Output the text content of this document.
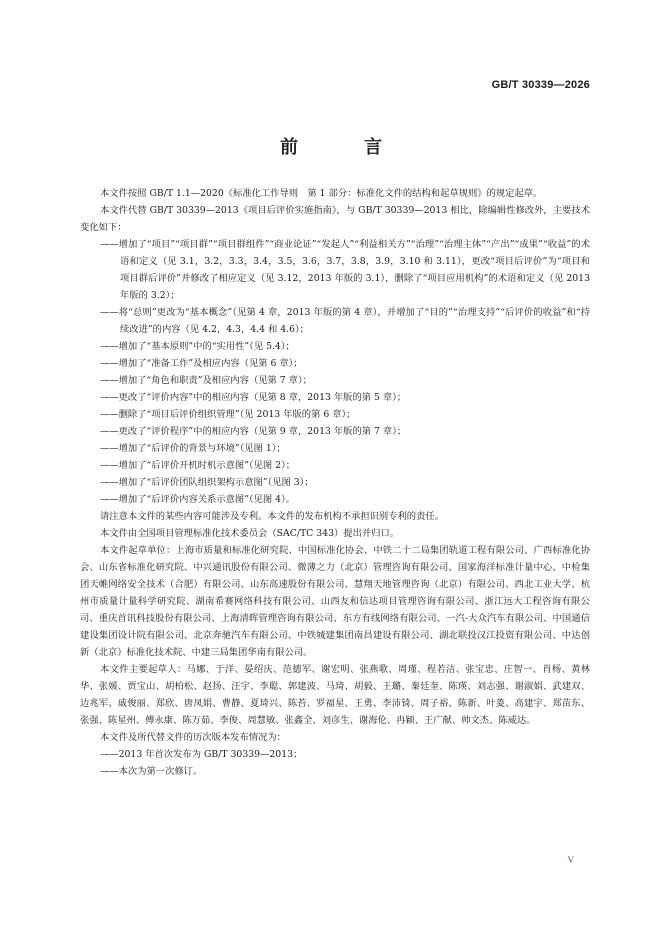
GB/T 30339—2026
前　言

本文件按照 GB/T 1.1—2020《标准化工作导则　第 1 部分：标准化文件的结构和起草规则》的规定起草。

本文件代替 GB/T 30339—2013《项目后评价实施指南》，与 GB/T 30339—2013 相比，除编辑性修改外，主要技术变化如下：

——增加了“项目”“项目群”“项目群组件”“商业论证”“发起人”“利益相关方”“治理”“治理主体”“产出”“成果”“收益”的术语和定义（见 3.1，3.2，3.3，3.4，3.5，3.6，3.7，3.8，3.9，3.10 和 3.11），更改“项目后评价”为“项目和项目群后评价”并修改了相应定义（见 3.12，2013 年版的 3.1），删除了“项目应用机构”的术语和定义（见 2013 年版的 3.2）；

——将“总则”更改为“基本概念”（见第 4 章，2013 年版的第 4 章），并增加了“目的”“治理支持”“后评价的收益”和“持续改进”的内容（见 4.2，4.3，4.4 和 4.6）；

——增加了“基本原则”中的“实用性”（见 5.4）；

——增加了“准备工作”及相应内容（见第 6 章）；

——增加了“角色和职责”及相应内容（见第 7 章）；

——更改了“评价内容”中的相应内容（见第 8 章，2013 年版的第 5 章）；

——删除了“项目后评价组织管理”（见 2013 年版的第 6 章）；

——更改了“评价程序”中的相应内容（见第 9 章，2013 年版的第 7 章）；

——增加了“后评价的背景与环境”（见图 1）；

——增加了“后评价开机时机示意图”（见图 2）；

——增加了“后评价团队组织架构示意图”（见图 3）；

——增加了“后评价内容关系示意图”（见图 4）。

请注意本文件的某些内容可能涉及专利。本文件的发布机构不承担识别专利的责任。

本文件由全国项目管理标准化技术委员会（SAC/TC 343）提出并归口。

本文件起草单位：上海市质量和标准化研究院、中国标准化协会、中铁二十二局集团轨道工程有限公司、广西标准化协会、山东省标准化研究院、中兴通讯股份有限公司、微薄之力（北京）管理咨询有限公司、国家海洋标准计量中心、中检集团天帷网络安全技术（合肥）有限公司、山东高速股份有限公司、慧翔天地管理咨询（北京）有限公司、西北工业大学、杭州市质量计量科学研究院、湖南希赛网络科技有限公司、山西友和信达项目管理咨询有限公司、浙江远大工程咨询有限公司、重庆首讯科技股份有限公司、上海清晖管理咨询有限公司、东方有线网络有限公司、一汽-大众汽车有限公司、中国通信建设集团设计院有限公司、北京奔驰汽车有限公司、中铁城建集团南昌建设有限公司、湖北联投汉江投资有限公司、中达创新（北京）标准化技术院、中建三局集团华南有限公司。

本文件主要起草人：马娜、于洋、晏绍庆、范德军、谢宏明、张燕歌、周瑾、程若洁、张宝忠、庄智一、肖杨、黄林华、张媛、贾宝山、胡柏松、赵扬、汪宇、李聪、郭建波、马琦、胡毅、王璐、秦廷奎、陈瑛、刘志强、谢淑娟、武建双、边兆军、戚俊丽、郑欣、唐凤娟、曹静、夏琦兴、陈苔、罗福星、王勇、李沛锜、周子裕、陈新、叶菱、高建宇、郑苗东、张强、陈星州、傅永康、陈万茹、李俊、周慧敏、张鑫全、刘彦生、谢海伦、冉颖、王广献、帅文杰、陈威达。

本文件及所代替文件的历次版本发布情况为：

——2013 年首次发布为 GB/T 30339—2013；

——本次为第一次修订。

V
